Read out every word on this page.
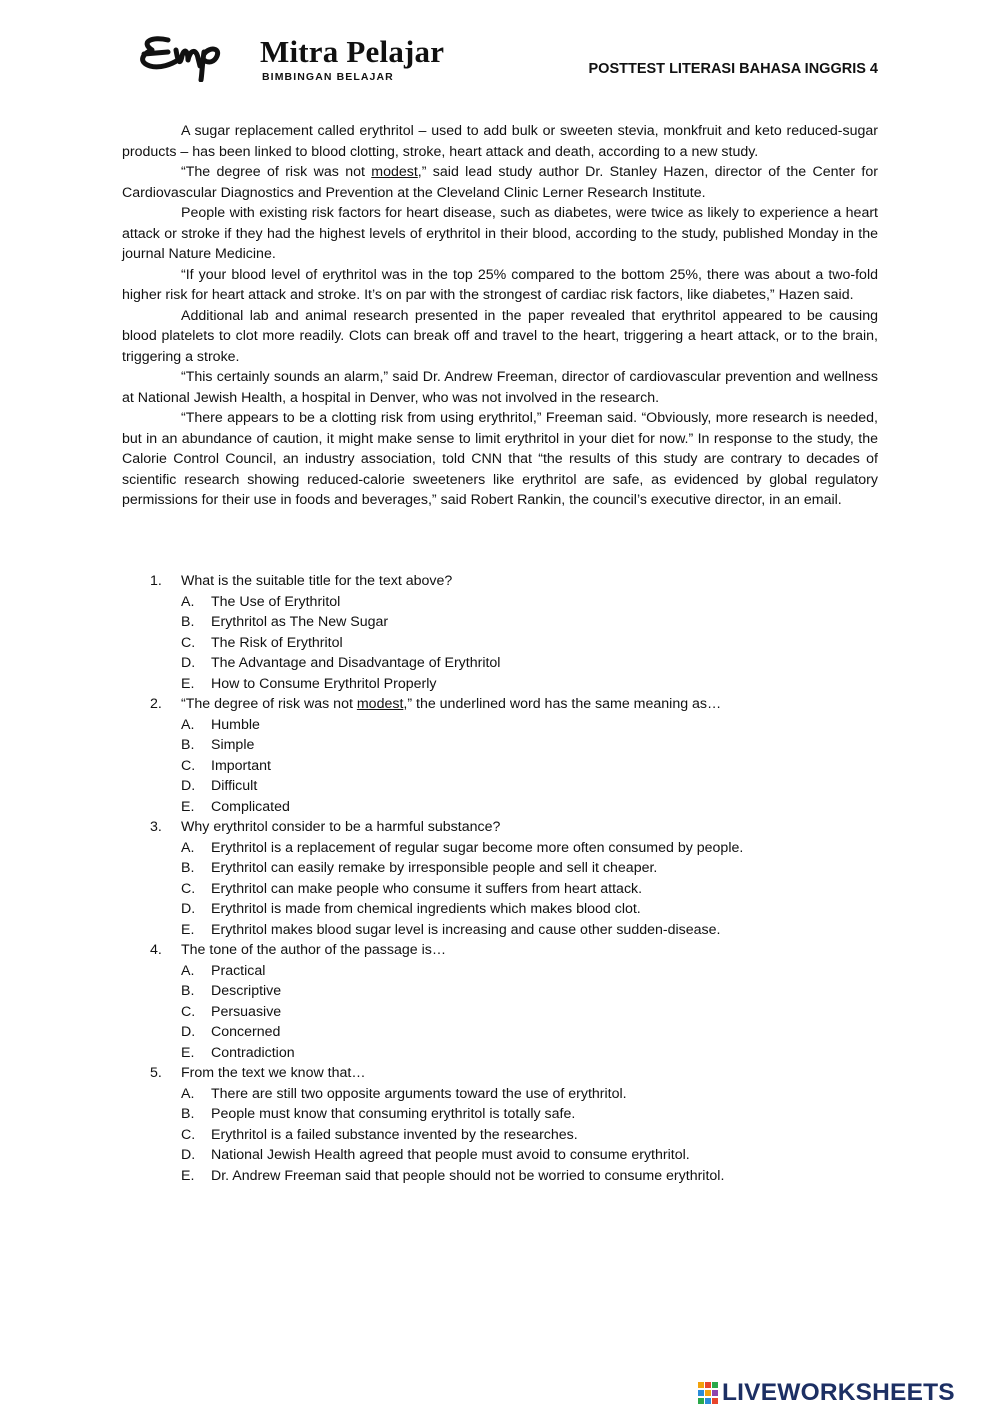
Mitra Pelajar
BIMBINGAN BELAJAR	POSTTEST LITERASI BAHASA INGGRIS 4

A sugar replacement called erythritol – used to add bulk or sweeten stevia, monkfruit and keto reduced-sugar products – has been linked to blood clotting, stroke, heart attack and death, according to a new study.

“The degree of risk was not modest,” said lead study author Dr. Stanley Hazen, director of the Center for Cardiovascular Diagnostics and Prevention at the Cleveland Clinic Lerner Research Institute.

People with existing risk factors for heart disease, such as diabetes, were twice as likely to experience a heart attack or stroke if they had the highest levels of erythritol in their blood, according to the study, published Monday in the journal Nature Medicine.

“If your blood level of erythritol was in the top 25% compared to the bottom 25%, there was about a two-fold higher risk for heart attack and stroke. It’s on par with the strongest of cardiac risk factors, like diabetes,” Hazen said.

Additional lab and animal research presented in the paper revealed that erythritol appeared to be causing blood platelets to clot more readily. Clots can break off and travel to the heart, triggering a heart attack, or to the brain, triggering a stroke.

“This certainly sounds an alarm,” said Dr. Andrew Freeman, director of cardiovascular prevention and wellness at National Jewish Health, a hospital in Denver, who was not involved in the research.

“There appears to be a clotting risk from using erythritol,” Freeman said. “Obviously, more research is needed, but in an abundance of caution, it might make sense to limit erythritol in your diet for now.” In response to the study, the Calorie Control Council, an industry association, told CNN that “the results of this study are contrary to decades of scientific research showing reduced-calorie sweeteners like erythritol are safe, as evidenced by global regulatory permissions for their use in foods and beverages,” said Robert Rankin, the council’s executive director, in an email.

1. What is the suitable title for the text above?
A. The Use of Erythritol
B. Erythritol as The New Sugar
C. The Risk of Erythritol
D. The Advantage and Disadvantage of Erythritol
E. How to Consume Erythritol Properly
2. “The degree of risk was not modest,” the underlined word has the same meaning as…
A. Humble
B. Simple
C. Important
D. Difficult
E. Complicated
3. Why erythritol consider to be a harmful substance?
A. Erythritol is a replacement of regular sugar become more often consumed by people.
B. Erythritol can easily remake by irresponsible people and sell it cheaper.
C. Erythritol can make people who consume it suffers from heart attack.
D. Erythritol is made from chemical ingredients which makes blood clot.
E. Erythritol makes blood sugar level is increasing and cause other sudden-disease.
4. The tone of the author of the passage is…
A. Practical
B. Descriptive
C. Persuasive
D. Concerned
E. Contradiction
5. From the text we know that…
A. There are still two opposite arguments toward the use of erythritol.
B. People must know that consuming erythritol is totally safe.
C. Erythritol is a failed substance invented by the researches.
D. National Jewish Health agreed that people must avoid to consume erythritol.
E. Dr. Andrew Freeman said that people should not be worried to consume erythritol.
LIVEWORKSHEETS
